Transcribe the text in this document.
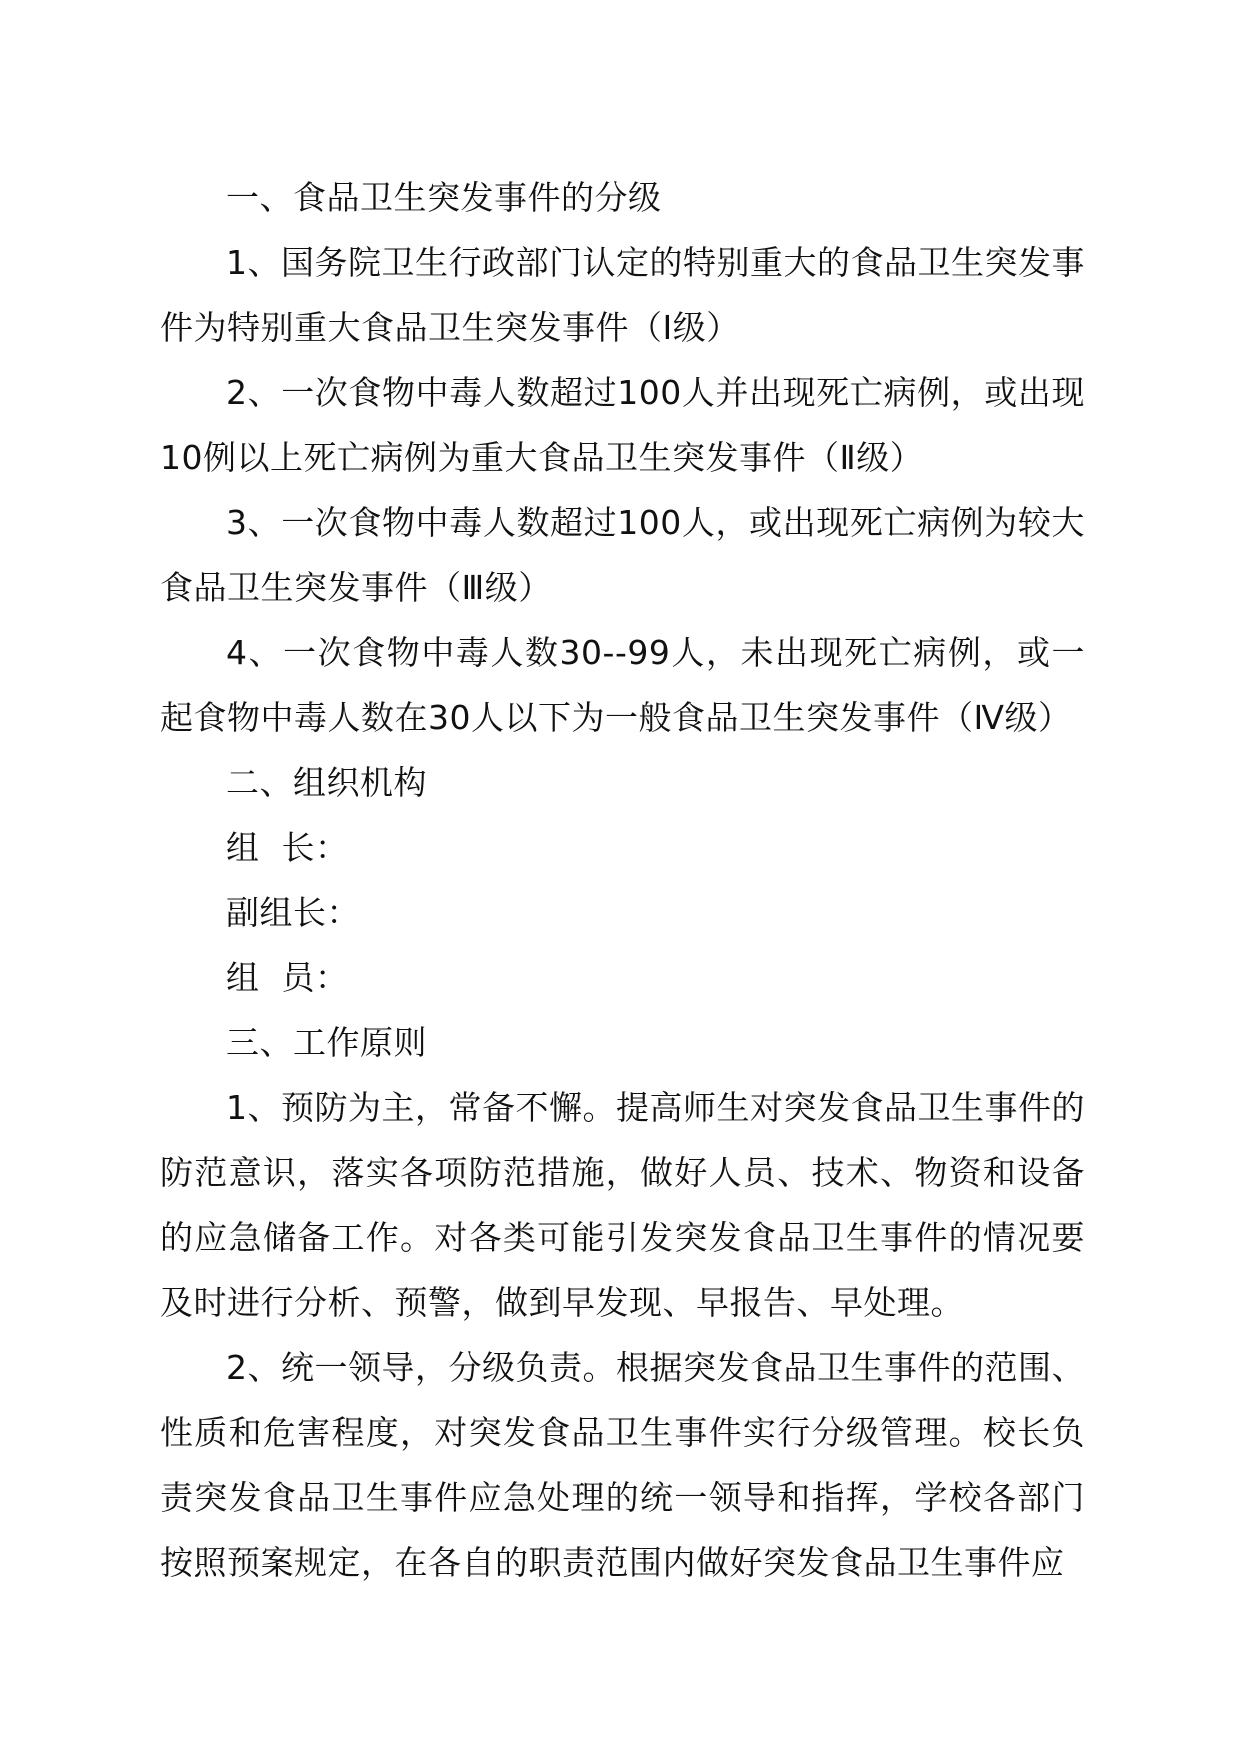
一、食品卫生突发事件的分级

1、国务院卫生行政部门认定的特别重大的食品卫生突发事件为特别重大食品卫生突发事件（Ⅰ级）

2、一次食物中毒人数超过100人并出现死亡病例，或出现10例以上死亡病例为重大食品卫生突发事件（Ⅱ级）

3、一次食物中毒人数超过100人，或出现死亡病例为较大食品卫生突发事件（Ⅲ级）

4、一次食物中毒人数30--99人，未出现死亡病例，或一起食物中毒人数在30人以下为一般食品卫生突发事件（Ⅳ级）

二、组织机构

组  长：

副组长：

组  员：

三、工作原则

1、预防为主，常备不懈。提高师生对突发食品卫生事件的防范意识，落实各项防范措施，做好人员、技术、物资和设备的应急储备工作。对各类可能引发突发食品卫生事件的情况要及时进行分析、预警，做到早发现、早报告、早处理。

2、统一领导，分级负责。根据突发食品卫生事件的范围、性质和危害程度，对突发食品卫生事件实行分级管理。校长负责突发食品卫生事件应急处理的统一领导和指挥，学校各部门按照预案规定，在各自的职责范围内做好突发食品卫生事件应
